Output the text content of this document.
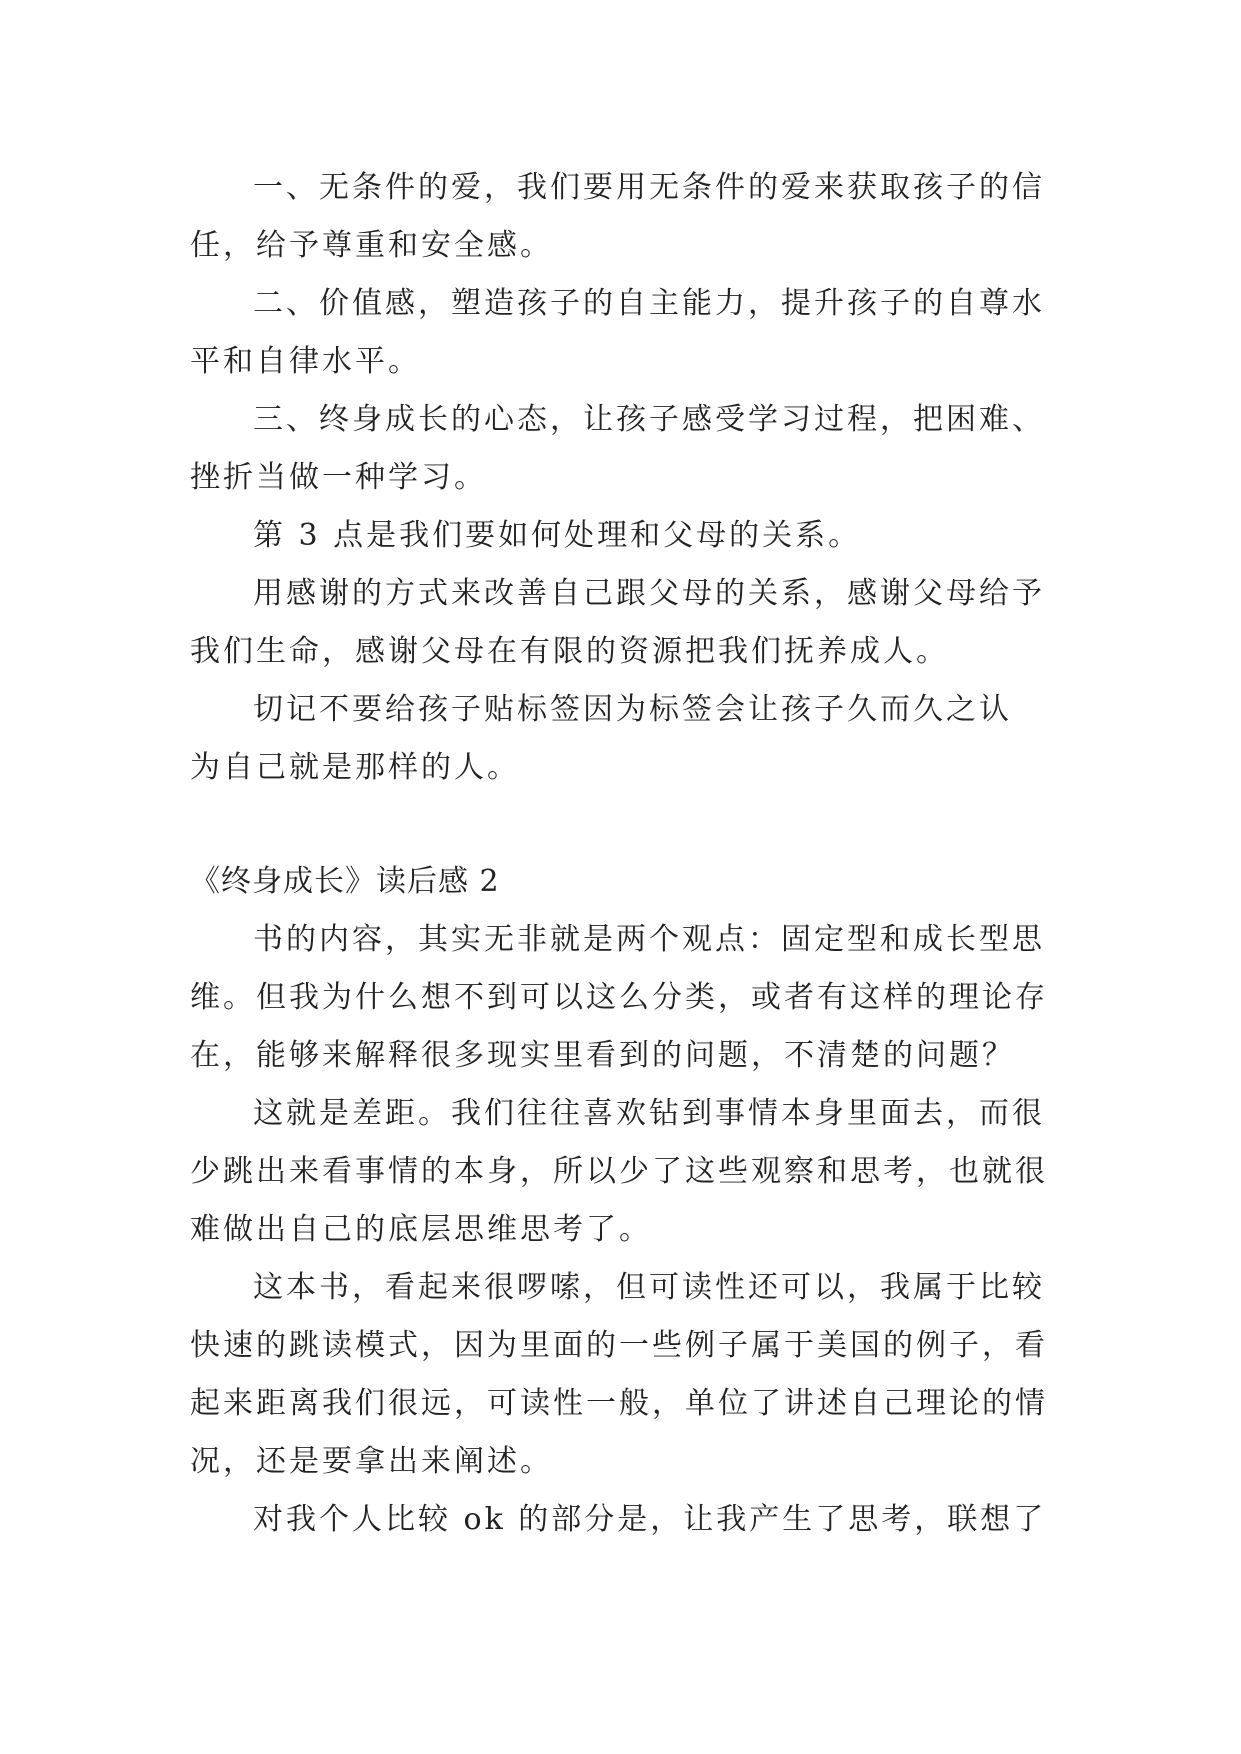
一、无条件的爱，我们要用无条件的爱来获取孩子的信

任，给予尊重和安全感。

二、价值感，塑造孩子的自主能力，提升孩子的自尊水

平和自律水平。

三、终身成长的心态，让孩子感受学习过程，把困难、

挫折当做一种学习。

第 3 点是我们要如何处理和父母的关系。

用感谢的方式来改善自己跟父母的关系，感谢父母给予

我们生命，感谢父母在有限的资源把我们抚养成人。

切记不要给孩子贴标签因为标签会让孩子久而久之认

为自己就是那样的人。

《终身成长》读后感 2

书的内容，其实无非就是两个观点：固定型和成长型思

维。但我为什么想不到可以这么分类，或者有这样的理论存

在，能够来解释很多现实里看到的问题，不清楚的问题？

这就是差距。我们往往喜欢钻到事情本身里面去，而很

少跳出来看事情的本身，所以少了这些观察和思考，也就很

难做出自己的底层思维思考了。

这本书，看起来很啰嗦，但可读性还可以，我属于比较

快速的跳读模式，因为里面的一些例子属于美国的例子，看

起来距离我们很远，可读性一般，单位了讲述自己理论的情

况，还是要拿出来阐述。

对我个人比较 ok 的部分是，让我产生了思考，联想了
